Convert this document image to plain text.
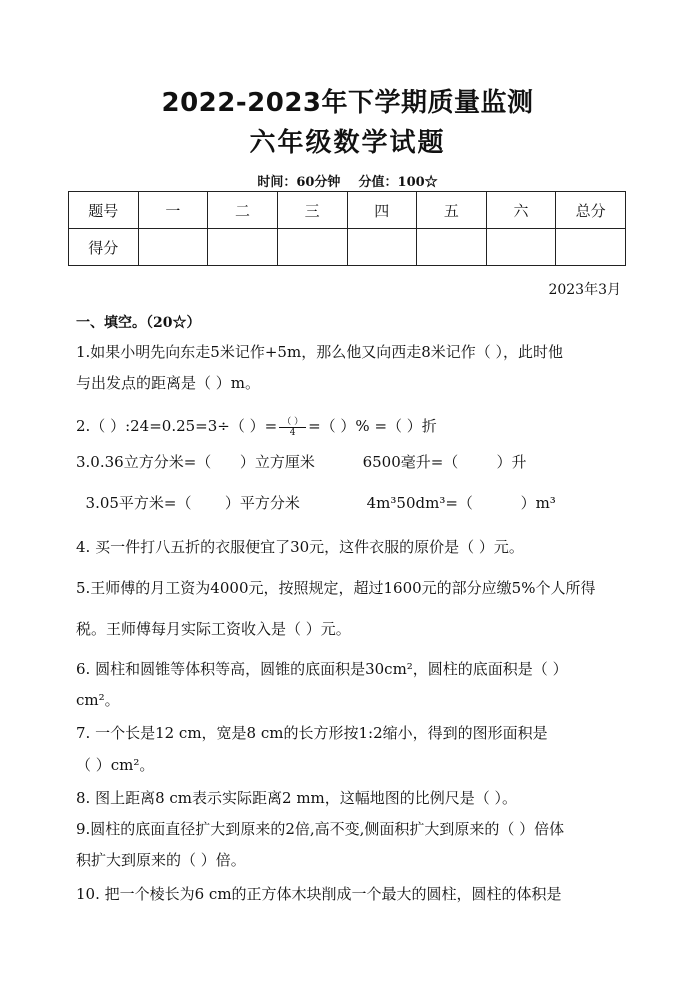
2022-2023年下学期质量监测
六年级数学试题
时间：60分钟 分值：100☆
题号	一	二	三	四	五	六	总分
得分							
2023年3月
一、填空。（20☆）
1.如果小明先向东走5米记作+5m，那么他又向西走8米记作（ ），此时他
与出发点的距离是（ ）m。
2.（ ）:24=0.25=3÷（ ）= $\frac{( )}{4}$ =（ ）% =（ ）折
3.0.36立方分米=（      ）立方厘米          6500毫升=（        ）升
3.05平方米=（       ）平方分米              4m³50dm³=（          ）m³
4. 买一件打八五折的衣服便宜了30元，这件衣服的原价是（ ）元。
5.王师傅的月工资为4000元，按照规定，超过1600元的部分应缴5%个人所得
税。王师傅每月实际工资收入是（ ）元。
6. 圆柱和圆锥等体积等高，圆锥的底面积是30cm²，圆柱的底面积是（ ）
cm²。
7. 一个长是12 cm，宽是8 cm的长方形按1:2缩小，得到的图形面积是
（ ）cm²。
8. 图上距离8 cm表示实际距离2 mm，这幅地图的比例尺是（ ）。
9.圆柱的底面直径扩大到原来的2倍,高不变,侧面积扩大到原来的（ ）倍体
积扩大到原来的（ ）倍。
10. 把一个棱长为6 cm的正方体木块削成一个最大的圆柱，圆柱的体积是
